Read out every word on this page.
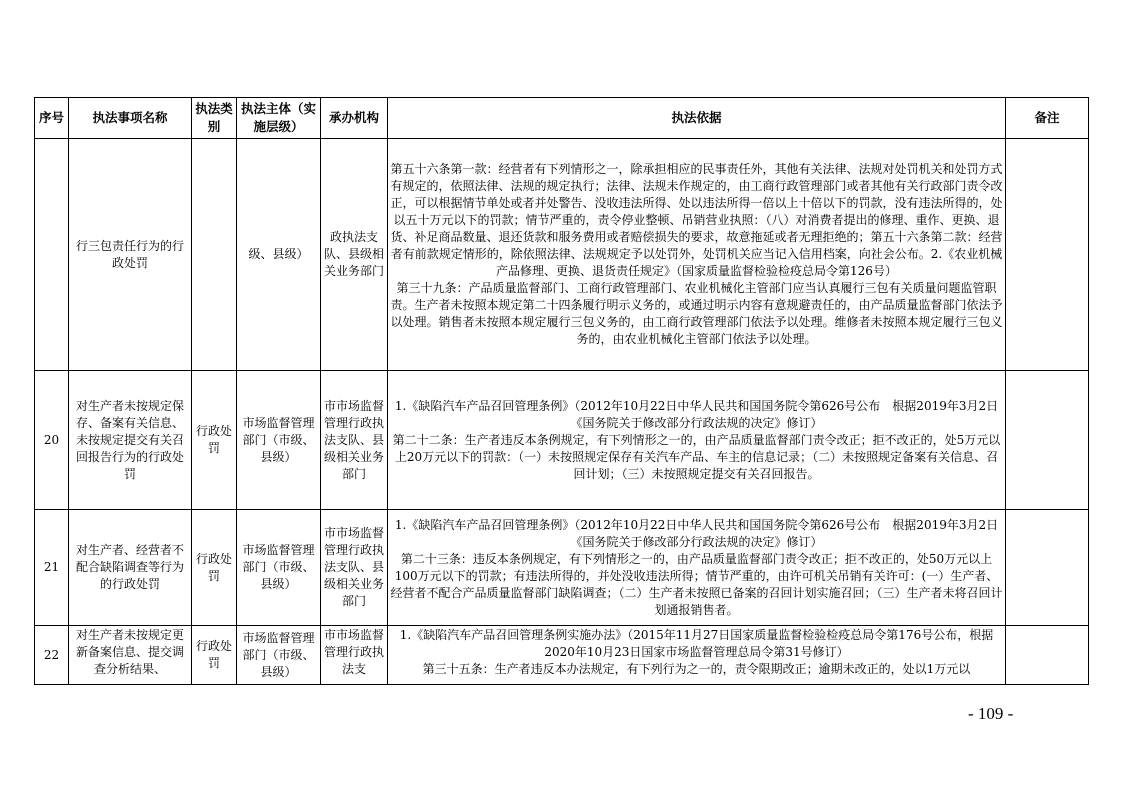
序号	执法事项名称	执法类别	执法主体（实施层级）	承办机构	执法依据	备注
	行三包责任行为的行政处罚		级、县级）	政执法支队、县级相关业务部门	第五十六条第一款：经营者有下列情形之一，除承担相应的民事责任外，其他有关法律、法规对处罚机关和处罚方式有规定的，依照法律、法规的规定执行；法律、法规未作规定的，由工商行政管理部门或者其他有关行政部门责令改正，可以根据情节单处或者并处警告、没收违法所得、处以违法所得一倍以上十倍以下的罚款，没有违法所得的，处以五十万元以下的罚款；情节严重的，责令停业整顿、吊销营业执照：（八）对消费者提出的修理、重作、更换、退货、补足商品数量、退还货款和服务费用或者赔偿损失的要求，故意拖延或者无理拒绝的；第五十六条第二款：经营者有前款规定情形的，除依照法律、法规规定予以处罚外，处罚机关应当记入信用档案，向社会公布。2.《农业机械产品修理、更换、退货责任规定》（国家质量监督检验检疫总局令第126号）

第三十九条：产品质量监督部门、工商行政管理部门、农业机械化主管部门应当认真履行三包有关质量问题监管职责。生产者未按照本规定第二十四条履行明示义务的，或通过明示内容有意规避责任的，由产品质量监督部门依法予以处理。销售者未按照本规定履行三包义务的，由工商行政管理部门依法予以处理。维修者未按照本规定履行三包义务的，由农业机械化主管部门依法予以处理。	

20	对生产者未按规定保存、备案有关信息、未按规定提交有关召回报告行为的行政处罚	行政处罚	市场监督管理部门（市级、县级）	市市场监督管理行政执法支队、县级相关业务部门	1.《缺陷汽车产品召回管理条例》（2012年10月22日中华人民共和国国务院令第626号公布　根据2019年3月2日《国务院关于修改部分行政法规的决定》修订）

第二十二条：生产者违反本条例规定，有下列情形之一的，由产品质量监督部门责令改正；拒不改正的，处5万元以上20万元以下的罚款：（一）未按照规定保存有关汽车产品、车主的信息记录；（二）未按照规定备案有关信息、召回计划；（三）未按照规定提交有关召回报告。	

21	对生产者、经营者不配合缺陷调查等行为的行政处罚	行政处罚	市场监督管理部门（市级、县级）	市市场监督管理行政执法支队、县级相关业务部门	1.《缺陷汽车产品召回管理条例》（2012年10月22日中华人民共和国国务院令第626号公布　根据2019年3月2日《国务院关于修改部分行政法规的决定》修订）

第二十三条：违反本条例规定，有下列情形之一的，由产品质量监督部门责令改正；拒不改正的，处50万元以上100万元以下的罚款；有违法所得的，并处没收违法所得；情节严重的，由许可机关吊销有关许可：(一）生产者、经营者不配合产品质量监督部门缺陷调查；（二）生产者未按照已备案的召回计划实施召回；（三）生产者未将召回计划通报销售者。	

22	对生产者未按规定更新备案信息、提交调查分析结果、	行政处罚	市场监督管理部门（市级、县级）	市市场监督管理行政执法支	1.《缺陷汽车产品召回管理条例实施办法》（2015年11月27日国家质量监督检验检疫总局令第176号公布，根据2020年10月23日国家市场监督管理总局令第31号修订）

第三十五条：生产者违反本办法规定，有下列行为之一的，责令限期改正；逾期未改正的，处以1万元以	

- 109 -
